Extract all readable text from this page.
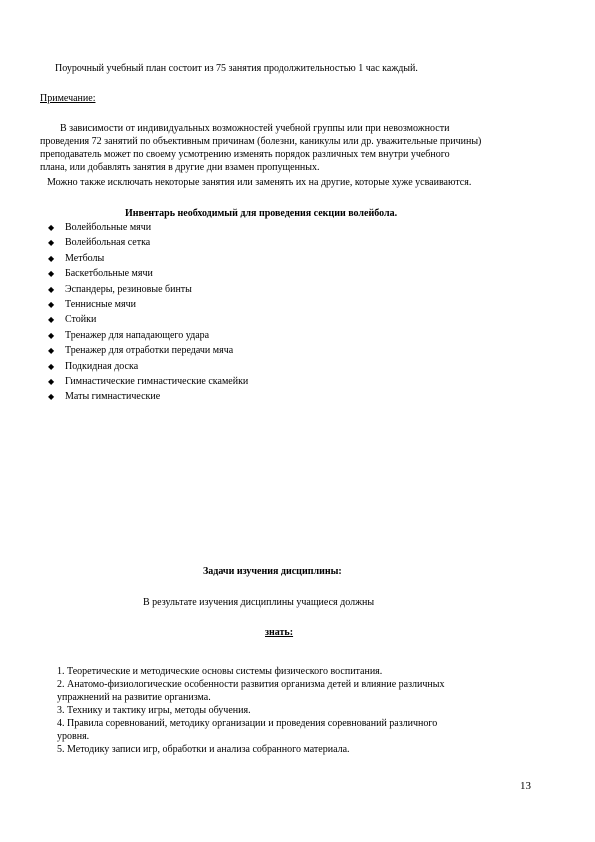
Поурочный учебный план состоит из 75 занятия продолжительностью 1 час каждый.
Примечание:
В зависимости от индивидуальных возможностей учебной группы или при невозможности
проведения 72 занятий по объективным причинам (болезни, каникулы или др. уважительные причины)
преподаватель может по своему усмотрению изменять порядок различных тем внутри учебного
плана, или добавлять занятия в другие дни взамен пропущенных.
Можно также исключать некоторые занятия или заменять их на другие, которые хуже усваиваются.
Инвентарь необходимый для проведения секции волейбола.
◆ Волейбольные мячи
◆ Волейбольная сетка
◆ Метболы
◆ Баскетбольные мячи
◆ Эспандеры, резиновые бинты
◆ Теннисные мячи
◆ Стойки
◆ Тренажер для нападающего удара
◆ Тренажер для отработки передачи мяча
◆ Подкидная доска
◆ Гимнастические гимнастические скамейки
◆ Маты гимнастические
Задачи изучения дисциплины:
В результате изучения дисциплины учащиеся должны
знать:
1. Теоретические и методические основы системы физического воспитания.
2. Анатомо-физиологические особенности развития организма детей и влияние различных
упражнений на развитие организма.
3. Технику и тактику игры, методы обучения.
4. Правила соревнований, методику организации и проведения соревнований различного
уровня.
5. Методику записи игр, обработки и анализа собранного материала.
13
